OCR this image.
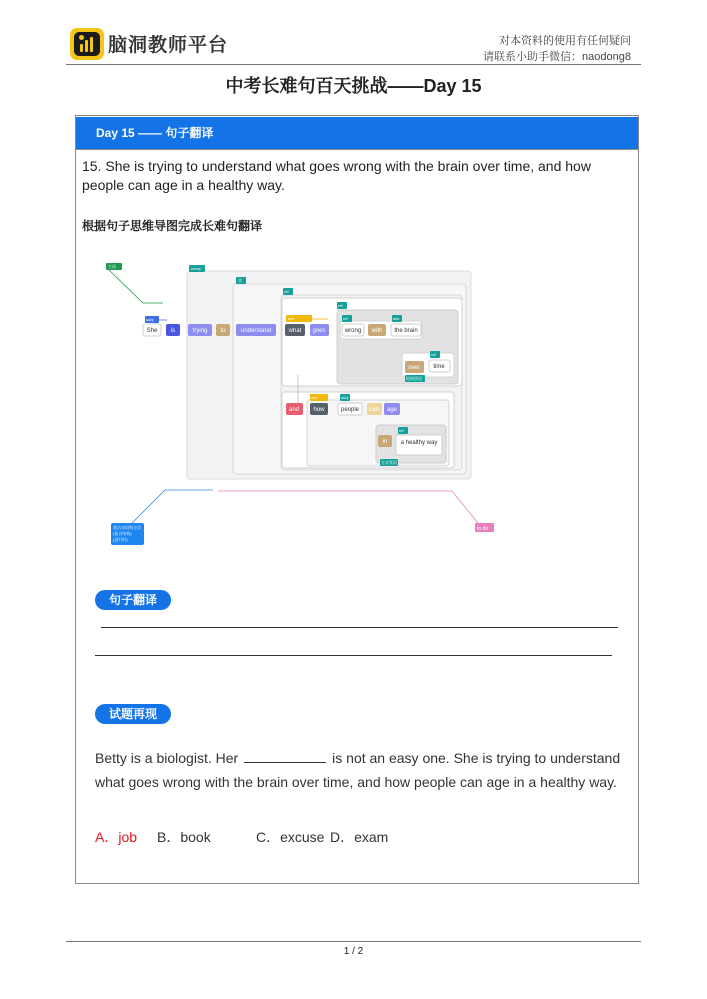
脑洞教师平台	对本资料的使用有任何疑问
请联系小助手微信：naodong8
中考长难句百天挑战——Day 15
Day 15 —— 句子翻译
15. She is trying to understand what goes wrong with the brain over time, and how people can age in a healthy way.
根据句子思维导图完成长难句翻译
主语	comp
宾
ref
ref
subj	adv	ref	adv
时间状语
ref
adv	subj
ref
方式状语
She is	trying to	understand	what goes	wrong with the brain
over time
and how	people can age
in a healthy way
表示动词和主语
(复合结构)
(进行时)
to do
句子翻译
试题再现
Betty is a biologist. Her	is not an easy one. She is trying to understand what goes wrong with the brain over time, and how people can age in a healthy way.
A．job B．book	C．excuse D．exam
1 / 2
